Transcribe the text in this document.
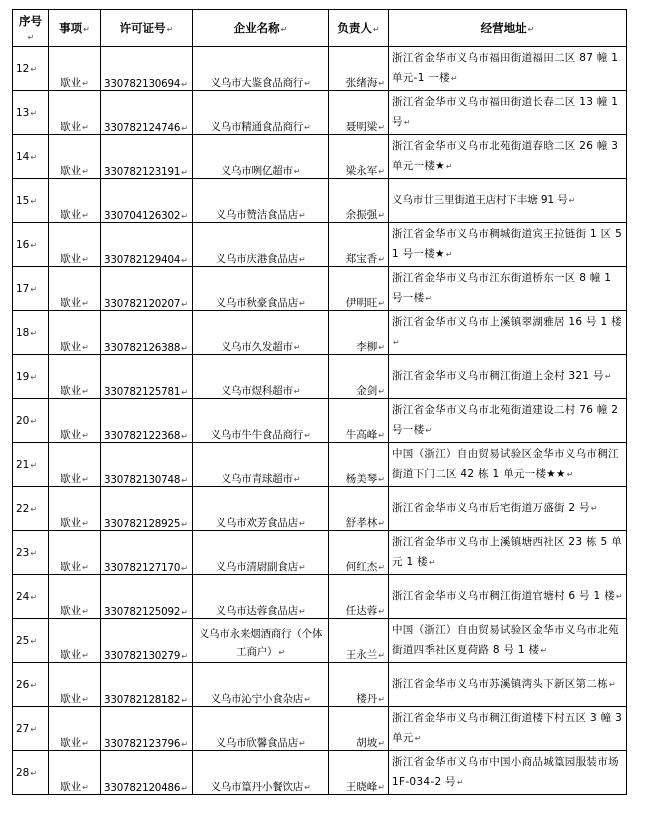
序号↵	事项↵	许可证号↵	企业名称↵	负责人↵	经营地址↵
12↵	歇业↵	330782130694↵	义乌市大鉴食品商行↵	张绪海↵	浙江省金华市义乌市福田街道福田二区 87 幢 1 单元-1 一楼↵
13↵	歇业↵	330782124746↵	义乌市精通食品商行↵	聂明梁↵	浙江省金华市义乌市福田街道长春二区 13 幢 1 号↵
14↵	歇业↵	330782123191↵	义乌市咧亿超市↵	梁永军↵	浙江省金华市义乌市北苑街道春晗二区 26 幢 3 单元一楼★↵
15↵	歇业↵	330704126302↵	义乌市赞洁食品店↵	余振强↵	义乌市廿三里街道王店村下丰塘 91 号↵
16↵	歇业↵	330782129404↵	义乌市庆港食品店↵	郑宝香↵	浙江省金华市义乌市稠城街道宾王拉链街 1 区 51 号一楼★↵
17↵	歇业↵	330782120207↵	义乌市秋豪食品店↵	伊明旺↵	浙江省金华市义乌市江东街道桥东一区 8 幢 1 号一楼↵
18↵	歇业↵	330782126388↵	义乌市久发超市↵	李柳↵	浙江省金华市义乌市上溪镇翠湖雅居 16 号 1 楼↵
19↵	歇业↵	330782125781↵	义乌市煜科超市↵	金剑↵	浙江省金华市义乌市稠江街道上金村 321 号↵
20↵	歇业↵	330782122368↵	义乌市牛牛食品商行↵	牛高峰↵	浙江省金华市义乌市北苑街道建设二村 76 幢 2 号一楼↵
21↵	歇业↵	330782130748↵	义乌市青球超市↵	杨美琴↵	中国（浙江）自由贸易试验区金华市义乌市稠江街道下门二区 42 栋 1 单元一楼★★↵
22↵	歇业↵	330782128925↵	义乌市欢芳食品店↵	舒孝林↵	浙江省金华市义乌市后宅街道万盛街 2 号↵
23↵	歇业↵	330782127170↵	义乌市清尉副食店↵	何红杰↵	浙江省金华市义乌市上溪镇塘西社区 23 栋 5 单元 1 楼↵
24↵	歇业↵	330782125092↵	义乌市达蓉食品店↵	任达蓉↵	浙江省金华市义乌市稠江街道官塘村 6 号 1 楼↵
25↵	歇业↵	330782130279↵	义乌市永来烟酒商行（个体工商户）↵	王永兰↵	中国（浙江）自由贸易试验区金华市义乌市北苑街道四季社区夏荷路 8 号 1 楼↵
26↵	歇业↵	330782128182↵	义乌市沁宁小食杂店↵	楼丹↵	浙江省金华市义乌市苏溪镇湾头下新区第二栋↵
27↵	歇业↵	330782123796↵	义乌市欣馨食品店↵	胡坡↵	浙江省金华市义乌市稠江街道楼下村五区 3 幢 3 单元↵
28↵	歇业↵	330782120486↵	义乌市篁丹小餐饮店↵	王晓峰↵	浙江省金华市义乌市中国小商品城篁园服装市场 1F-034-2 号↵
